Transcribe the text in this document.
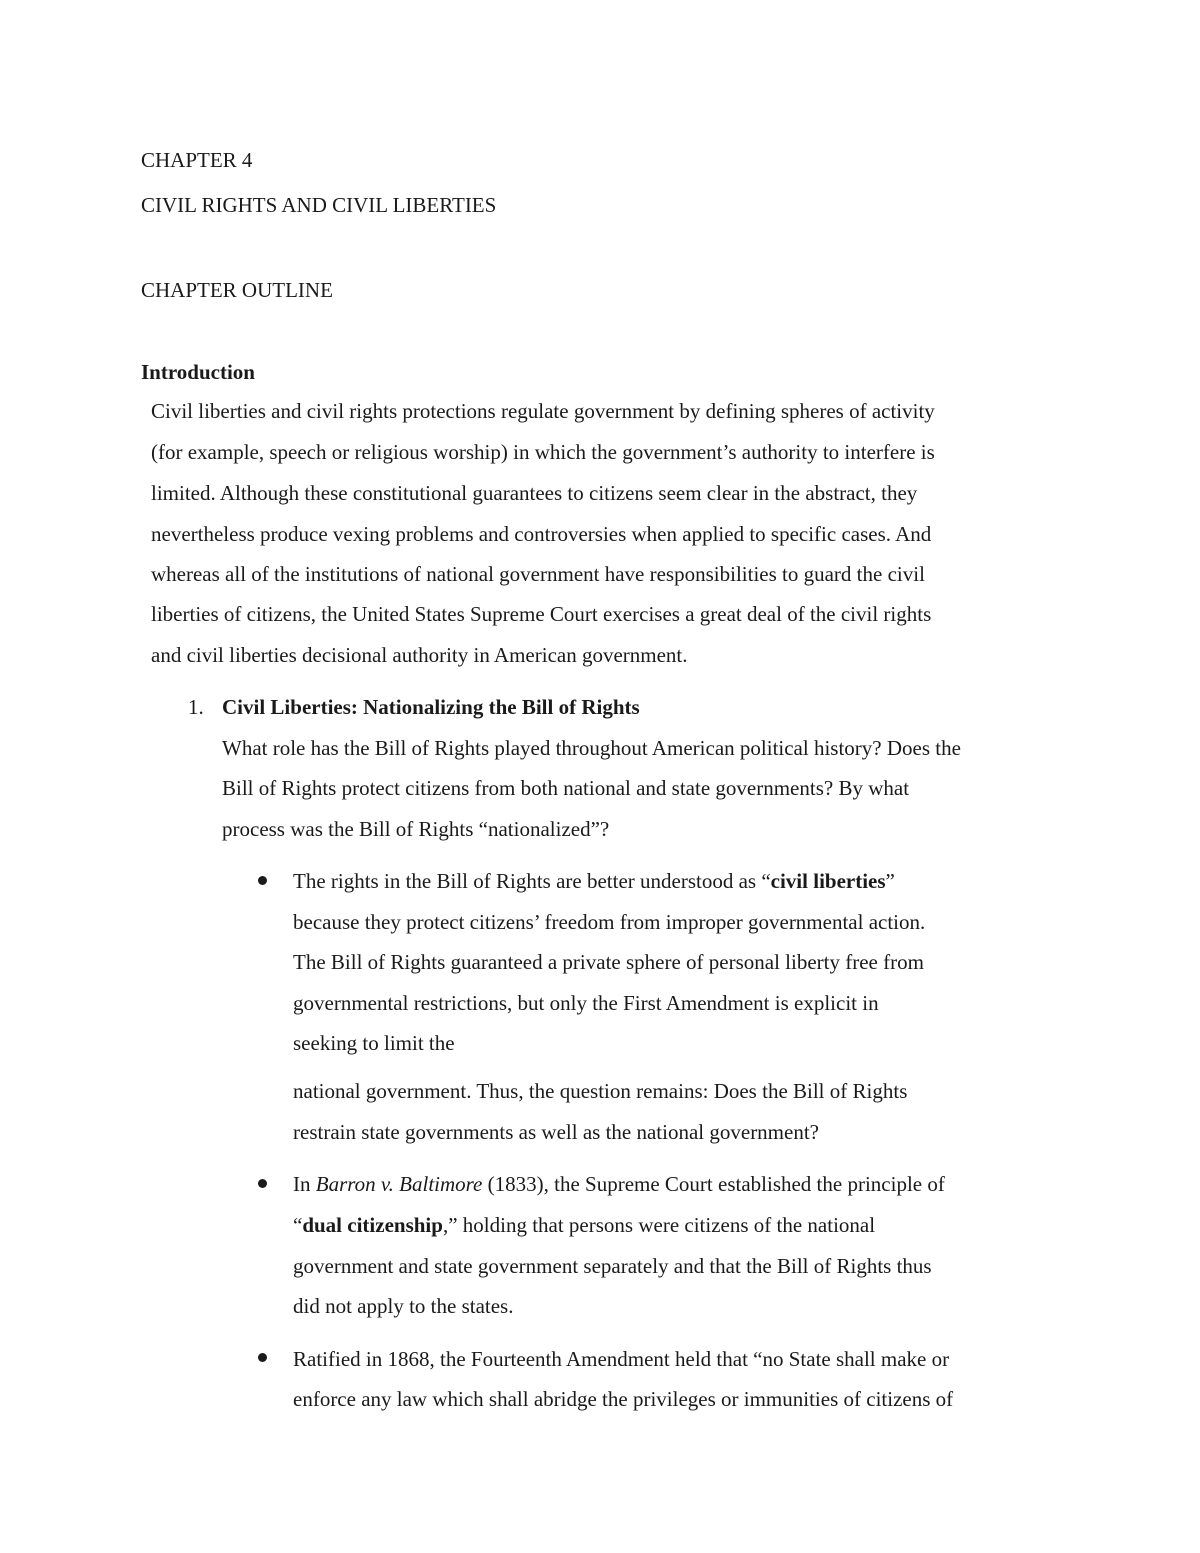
CHAPTER 4
CIVIL RIGHTS AND CIVIL LIBERTIES
CHAPTER OUTLINE
Introduction
Civil liberties and civil rights protections regulate government by defining spheres of activity
(for example, speech or religious worship) in which the government’s authority to interfere is
limited. Although these constitutional guarantees to citizens seem clear in the abstract, they
nevertheless produce vexing problems and controversies when applied to specific cases. And
whereas all of the institutions of national government have responsibilities to guard the civil
liberties of citizens, the United States Supreme Court exercises a great deal of the civil rights
and civil liberties decisional authority in American government.
1. Civil Liberties: Nationalizing the Bill of Rights
What role has the Bill of Rights played throughout American political history? Does the
Bill of Rights protect citizens from both national and state governments? By what
process was the Bill of Rights “nationalized”?
The rights in the Bill of Rights are better understood as “civil liberties”
because they protect citizens’ freedom from improper governmental action.
The Bill of Rights guaranteed a private sphere of personal liberty free from
governmental restrictions, but only the First Amendment is explicit in
seeking to limit the
national government. Thus, the question remains: Does the Bill of Rights
restrain state governments as well as the national government?
In Barron v. Baltimore (1833), the Supreme Court established the principle of
“dual citizenship,” holding that persons were citizens of the national
government and state government separately and that the Bill of Rights thus
did not apply to the states.
Ratified in 1868, the Fourteenth Amendment held that “no State shall make or
enforce any law which shall abridge the privileges or immunities of citizens of
